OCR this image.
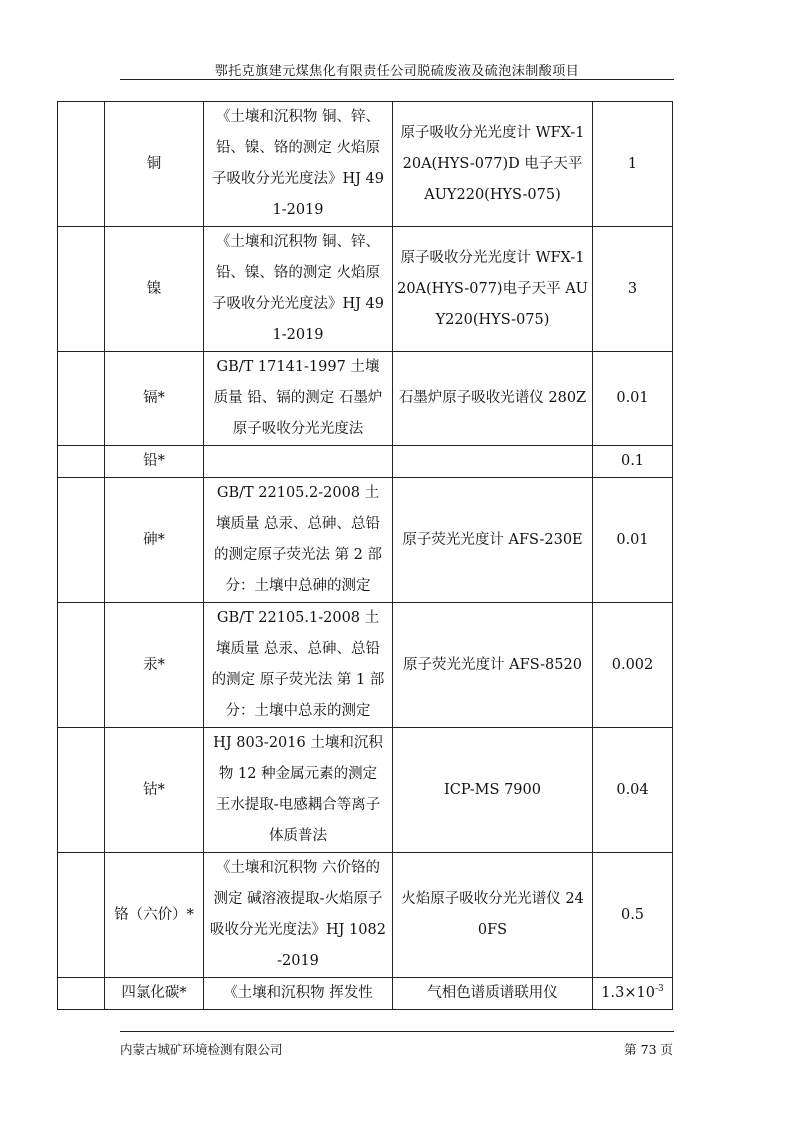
鄂托克旗建元煤焦化有限责任公司脱硫废液及硫泡沫制酸项目
	铜	《土壤和沉积物 铜、锌、铅、镍、铬的测定 火焰原子吸收分光光度法》HJ 491-2019	原子吸收分光光度计 WFX-120A(HYS-077)D 电子天平 AUY220(HYS-075)	1
	镍	《土壤和沉积物 铜、锌、铅、镍、铬的测定 火焰原子吸收分光光度法》HJ 491-2019	原子吸收分光光度计 WFX-120A(HYS-077)电子天平 AUY220(HYS-075)	3
	镉*	GB/T 17141-1997 土壤质量 铅、镉的测定 石墨炉原子吸收分光光度法	石墨炉原子吸收光谱仪 280Z	0.01
	铅*			0.1
	砷*	GB/T 22105.2-2008 土壤质量 总汞、总砷、总铅的测定原子荧光法 第 2 部分：土壤中总砷的测定	原子荧光光度计 AFS-230E	0.01
	汞*	GB/T 22105.1-2008 土壤质量 总汞、总砷、总铅的测定 原子荧光法 第 1 部分：土壤中总汞的测定	原子荧光光度计 AFS-8520	0.002
	钴*	HJ 803-2016 土壤和沉积物 12 种金属元素的测定 王水提取-电感耦合等离子体质普法	ICP-MS 7900	0.04
	铬（六价）*	《土壤和沉积物 六价铬的测定 碱溶液提取-火焰原子吸收分光光度法》HJ 1082-2019	火焰原子吸收分光光谱仪 240FS	0.5
	四氯化碳*	《土壤和沉积物 挥发性	气相色谱质谱联用仪	$1.3\times 10^{-3}$
内蒙古城矿环境检测有限公司	第 73 页
